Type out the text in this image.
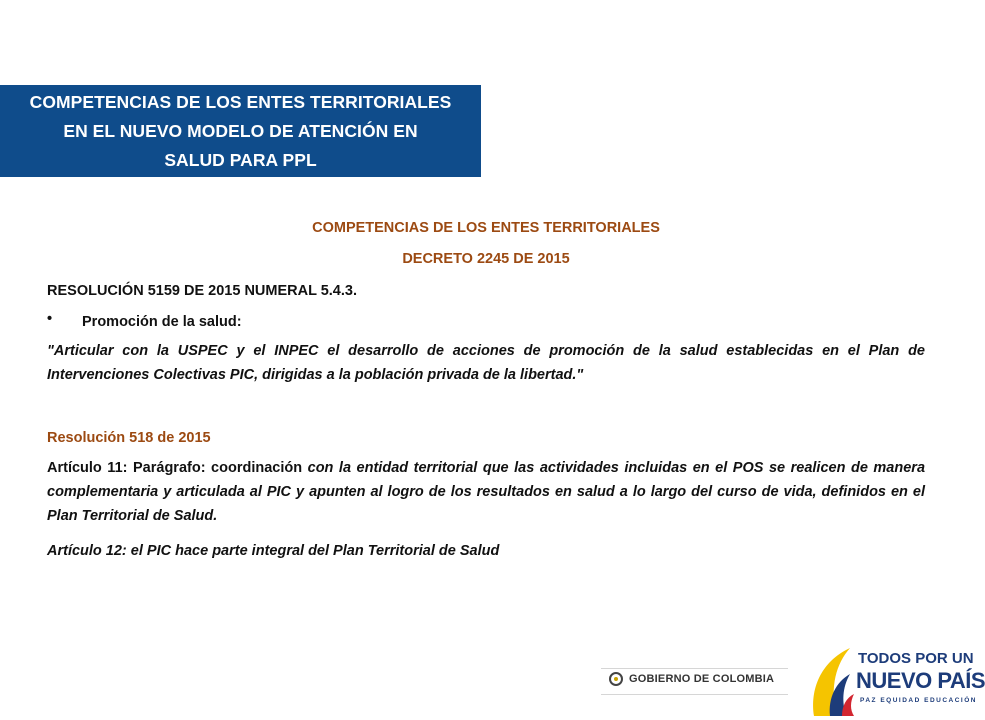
COMPETENCIAS DE LOS ENTES TERRITORIALES
EN EL NUEVO MODELO DE ATENCIÓN EN
SALUD PARA PPL
COMPETENCIAS DE LOS ENTES TERRITORIALES
DECRETO 2245 DE 2015
RESOLUCIÓN 5159 DE 2015 NUMERAL 5.4.3.
• Promoción de la salud:
"Articular con la USPEC y el INPEC el desarrollo de acciones de promoción de la salud establecidas en el Plan de Intervenciones Colectivas PIC, dirigidas a la población privada de la libertad."
Resolución 518 de 2015
Artículo 11: Parágrafo: coordinación con la entidad territorial que las actividades incluidas en el POS se realicen de manera complementaria y articulada al PIC y apunten al logro de los resultados en salud a lo largo del curso de vida, definidos en el Plan Territorial de Salud.
Artículo 12: el PIC hace parte integral del Plan Territorial de Salud
GOBIERNO DE COLOMBIA
TODOS POR UN
NUEVO PAÍS
PAZ EQUIDAD EDUCACIÓN
